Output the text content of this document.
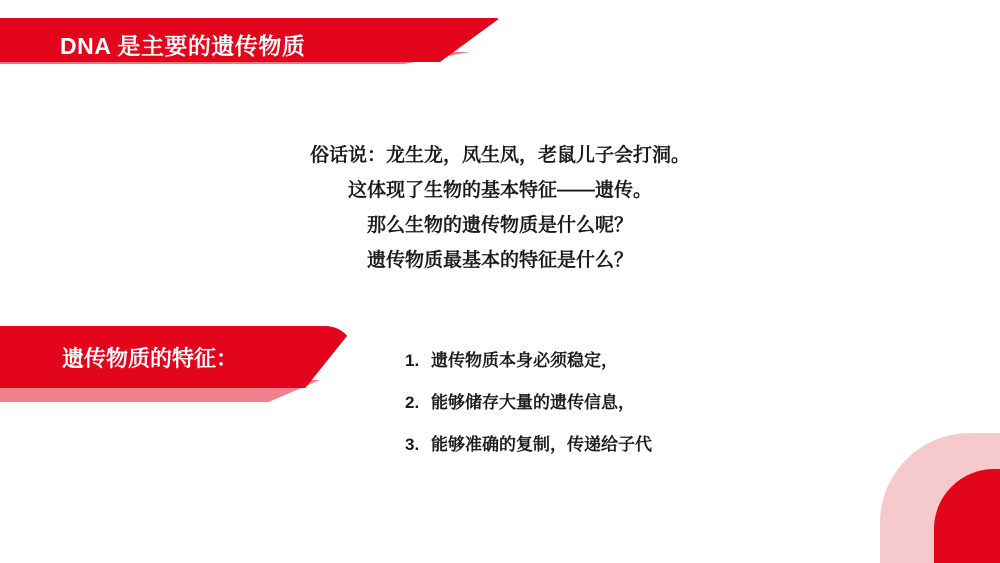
DNA 是主要的遗传物质
俗话说：龙生龙，凤生凤，老鼠儿子会打洞。
这体现了生物的基本特征——遗传。
那么生物的遗传物质是什么呢？
遗传物质最基本的特征是什么？
遗传物质的特征：	1. 遗传物质本身必须稳定，
2. 能够储存大量的遗传信息，
3. 能够准确的复制，传递给子代
